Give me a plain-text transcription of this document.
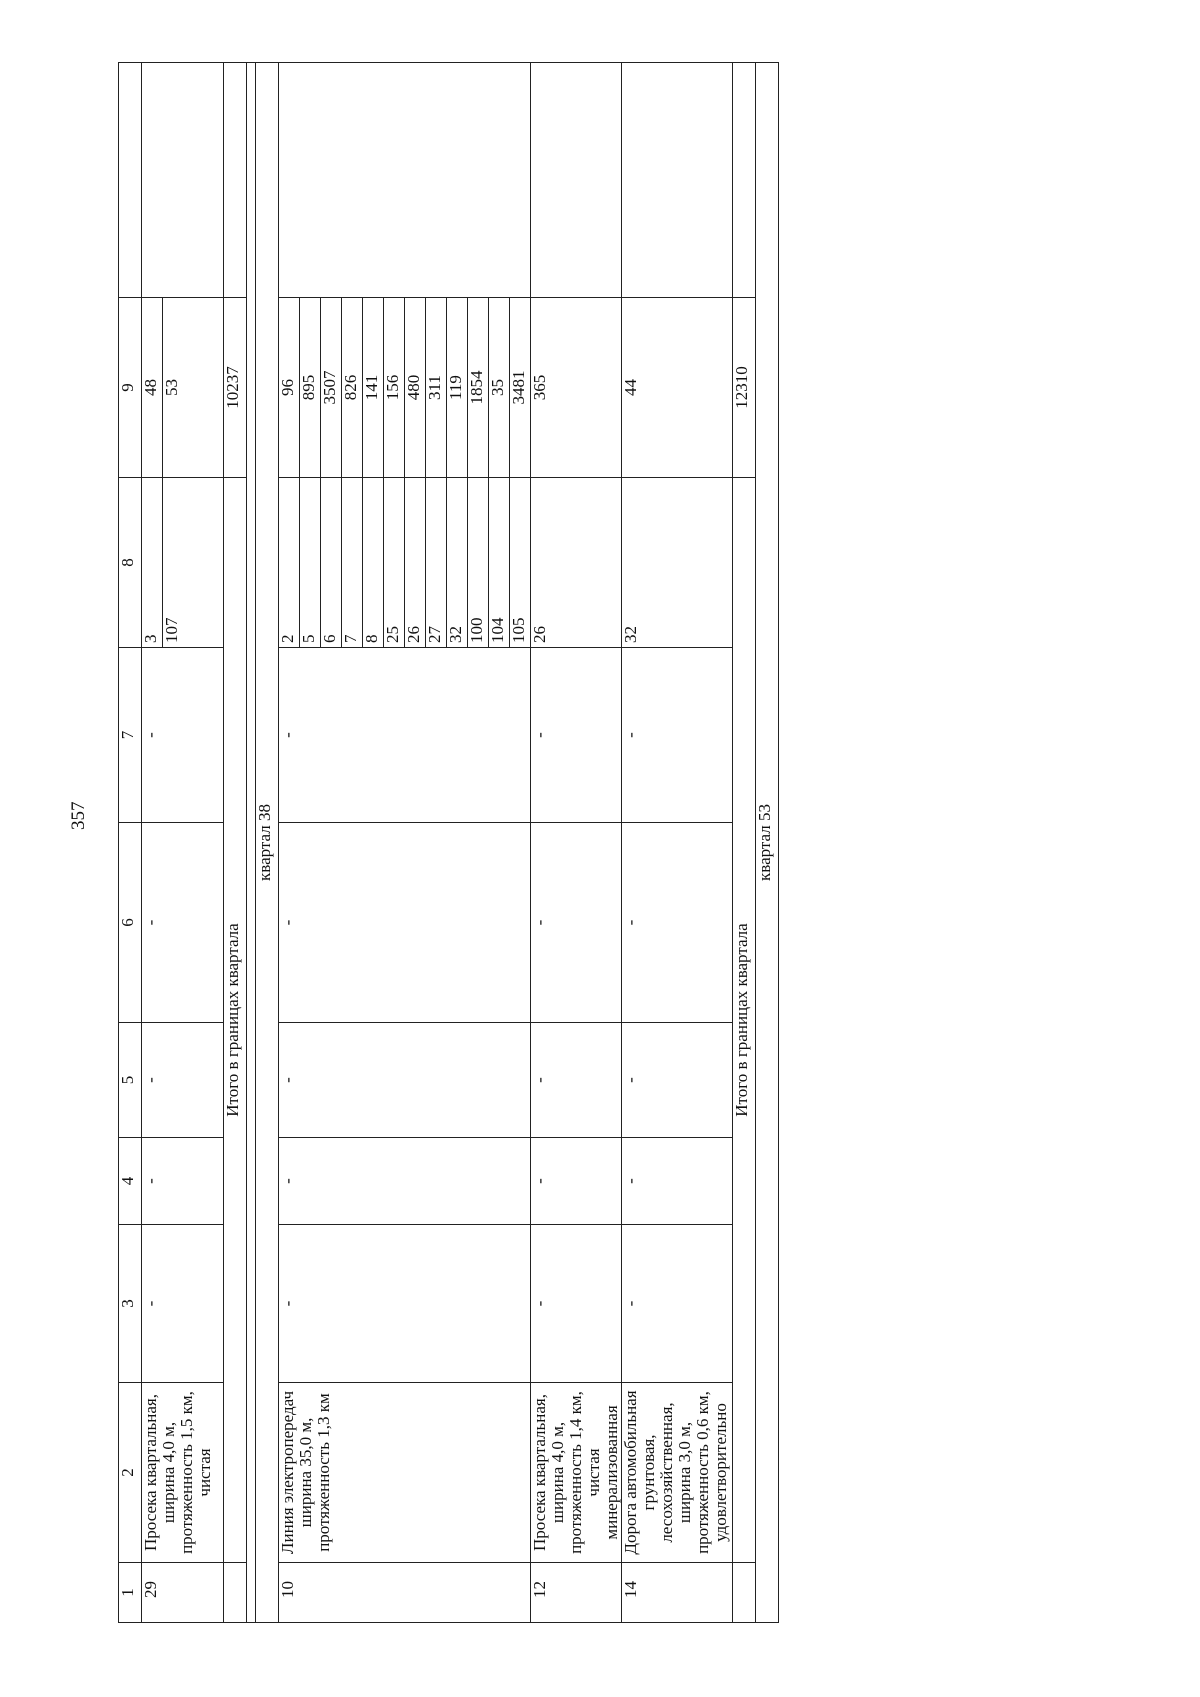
357
1	2	3	4	5	6	7	8	9	
29	Просека квартальная, ширина 4,0 м, протяженность 1,5 км, чистая	-	-	-	-	-	3	48	
							107	53	
	Итого в границах квартала							10237	

квартал 38									
10	Линия электропередач ширина 35,0 м, протяженность 1,3 км	-	-	-	-	-	2	96	
							5	895	
							6	3507	
							7	826	
							8	141	
							25	156	
							26	480	
							27	311	
							32	119	
							100	1854	
							104	35	
							105	3481	
12	Просека квартальная, ширина 4,0 м, протяженность 1,4 км, чистая минерализованная	-	-	-	-	-	26	365	
14	Дорога автомобильная грунтовая, лесохозяйственная, ширина 3,0 м, протяженность 0,6 км, удовлетворительно	-	-	-	-	-	32	44	
	Итого в границах квартала							12310	
квартал 53									
